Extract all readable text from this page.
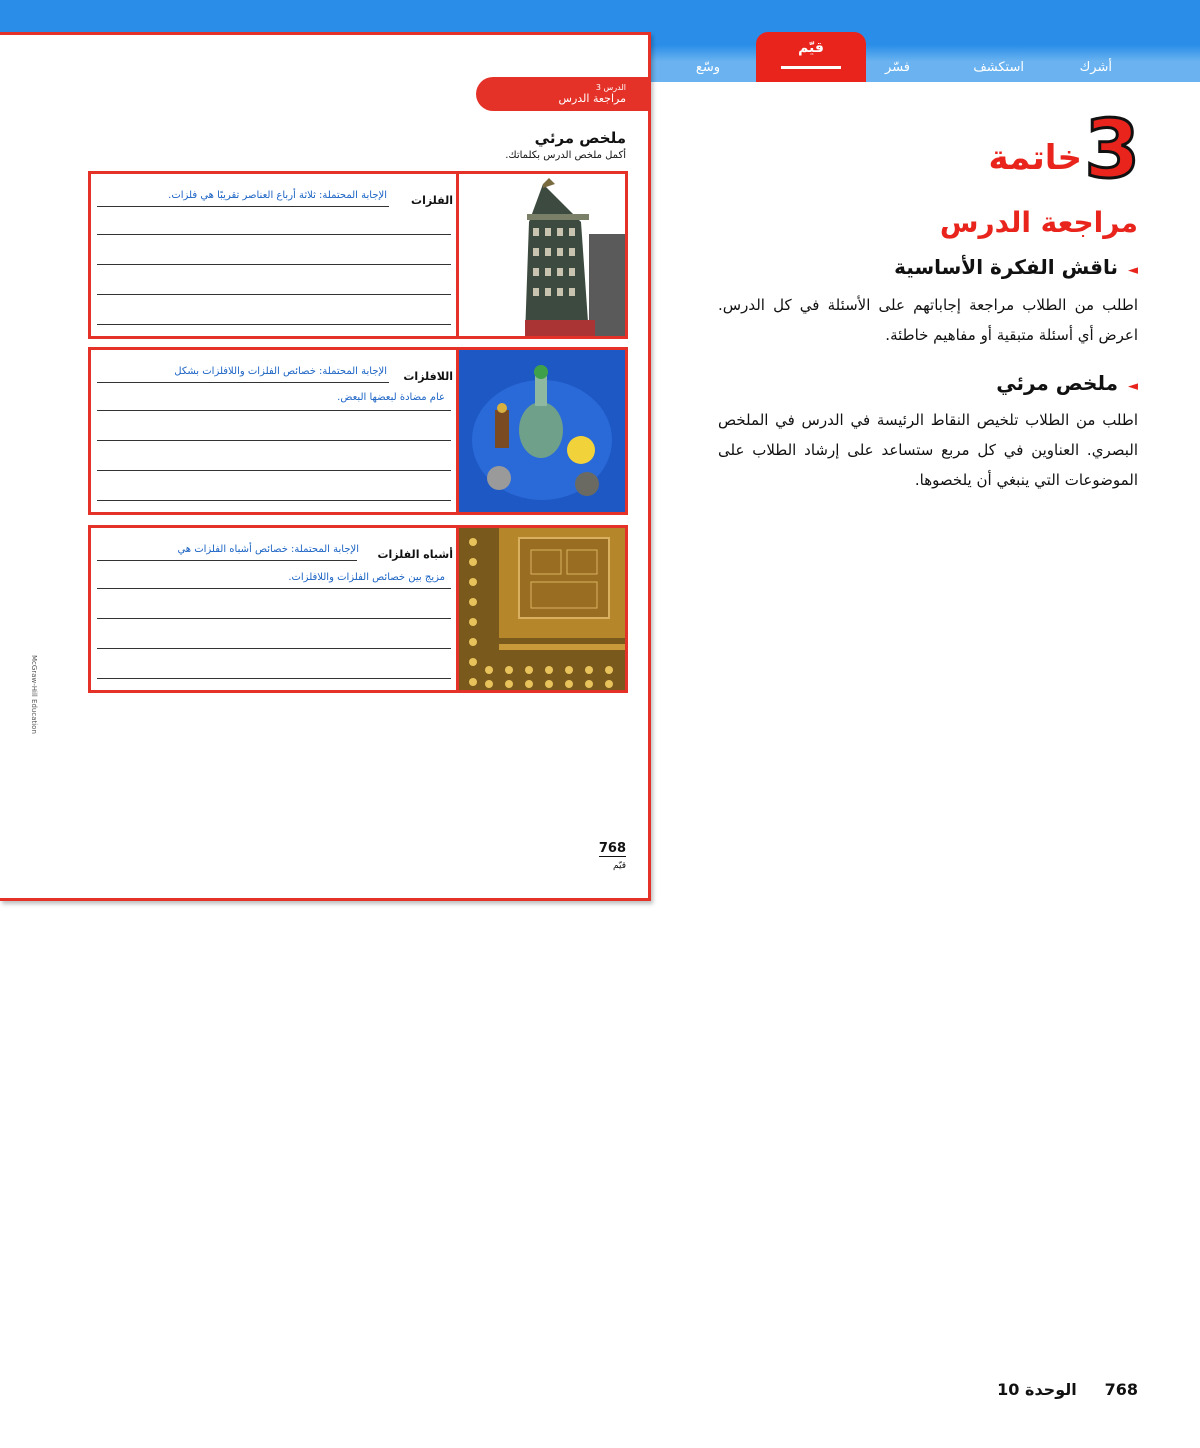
أشرك
استكشف
فسّر
قيّم
وسّع
الدرس 3
مراجعة الدرس
ملخص مرئي
أكمل ملخص الدرس بكلماتك.
الفلزات
الإجابة المحتملة: ثلاثة أرباع العناصر تقريبًا هي فلزات.
اللافلزات
الإجابة المحتملة: خصائص الفلزات واللافلزات بشكل
عام مضادة لبعضها البعض.
أشباه الفلزات
الإجابة المحتملة: خصائص أشباه الفلزات هي
مزيج بين خصائص الفلزات واللافلزات.
McGraw-Hill Education
768
قيّم
3
خاتمة
مراجعة الدرس
◄ناقش الفكرة الأساسية
اطلب من الطلاب مراجعة إجاباتهم على الأسئلة في كل الدرس. اعرض أي أسئلة متبقية أو مفاهيم خاطئة.
◄ملخص مرئي
اطلب من الطلاب تلخيص النقاط الرئيسة في الدرس في الملخص البصري. العناوين في كل مربع ستساعد على إرشاد الطلاب على الموضوعات التي ينبغي أن يلخصوها.
768     الوحدة 10
